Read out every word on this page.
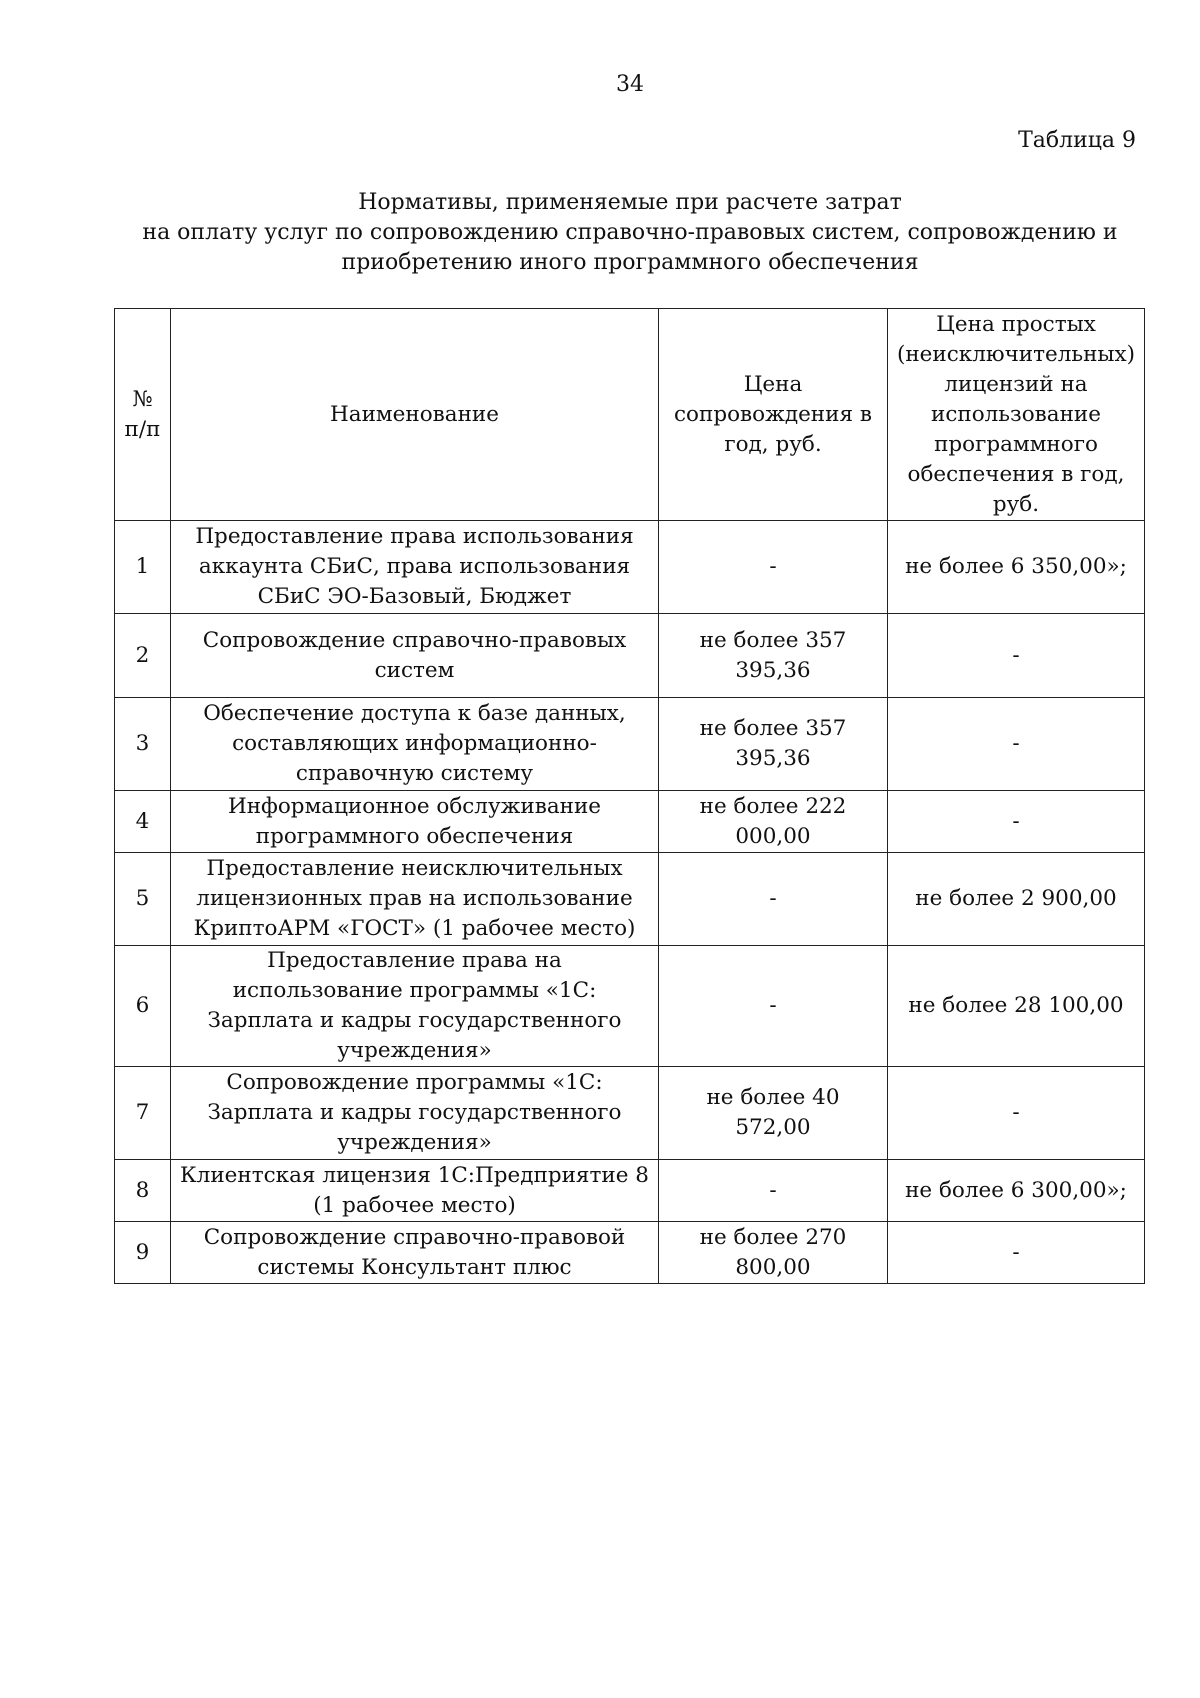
34
Таблица 9
Нормативы, применяемые при расчете затрат
на оплату услуг по сопровождению справочно-правовых систем, сопровождению и
приобретению иного программного обеспечения
№ п/п	Наименование	Цена сопровождения в год, руб.	Цена простых (неисключительных) лицензий на использование программного обеспечения в год, руб.
1	Предоставление права использования аккаунта СБиС, права использования СБиС ЭО-Базовый, Бюджет	-	не более 6 350,00»;
2	Сопровождение справочно-правовых систем	не более 357 395,36	-
3	Обеспечение доступа к базе данных, составляющих информационно-справочную систему	не более 357 395,36	-
4	Информационное обслуживание программного обеспечения	не более 222 000,00	-
5	Предоставление неисключительных лицензионных прав на использование КриптоАРМ «ГОСТ» (1 рабочее место)	-	не более 2 900,00
6	Предоставление права на использование программы «1С: Зарплата и кадры государственного учреждения»	-	не более 28 100,00
7	Сопровождение программы «1С: Зарплата и кадры государственного учреждения»	не более 40 572,00	-
8	Клиентская лицензия 1С:Предприятие 8 (1 рабочее место)	-	не более 6 300,00»;
9	Сопровождение справочно-правовой системы Консультант плюс	не более 270 800,00	-
